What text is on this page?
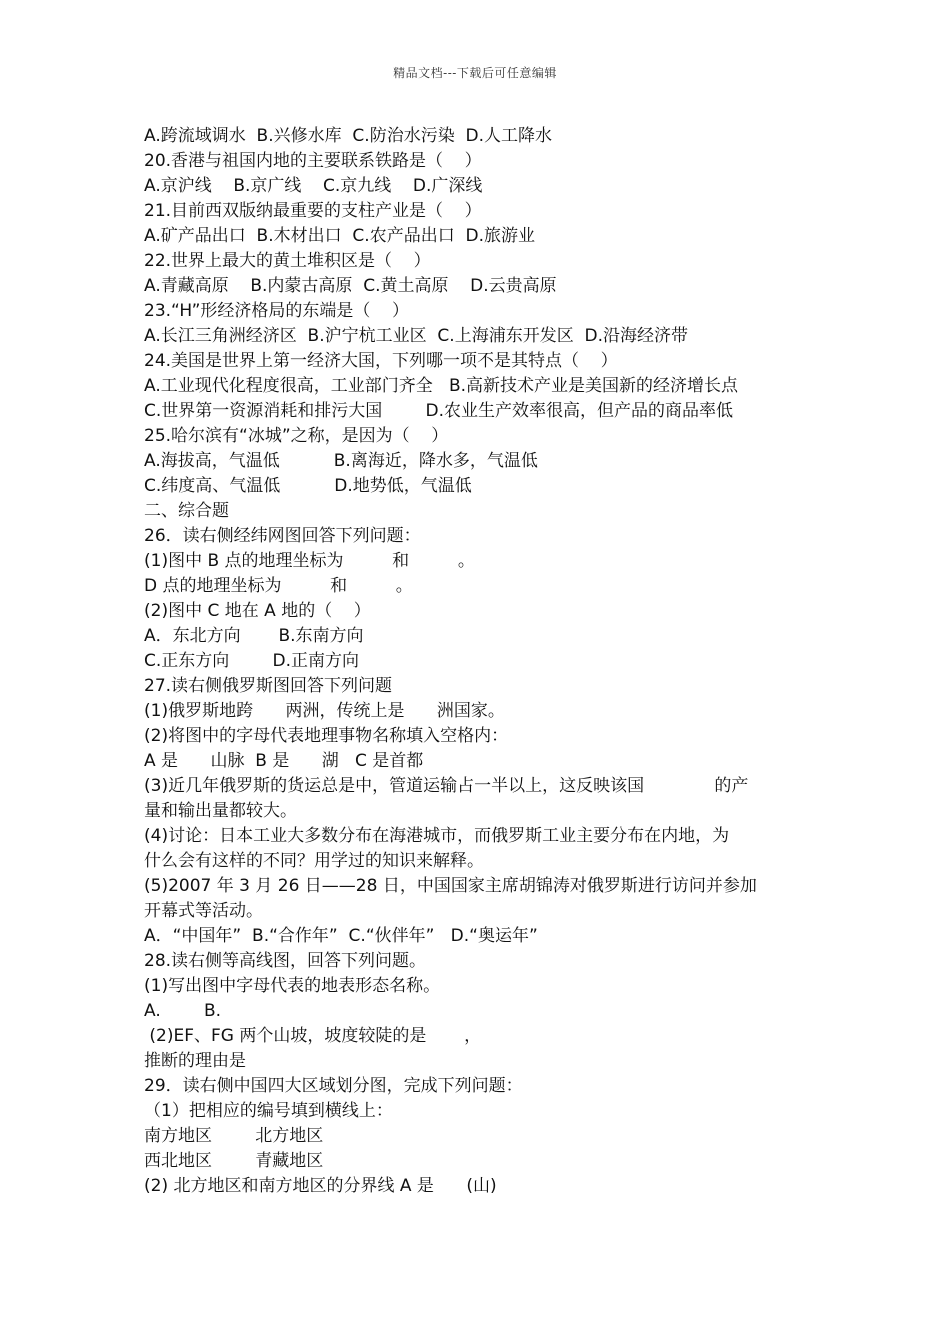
精品文档---下载后可任意编辑
A.跨流域调水  B.兴修水库  C.防治水污染  D.人工降水
20.香港与祖国内地的主要联系铁路是（    ）
A.京沪线    B.京广线    C.京九线    D.广深线
21.目前西双版纳最重要的支柱产业是（    ）
A.矿产品出口  B.木材出口  C.农产品出口  D.旅游业
22.世界上最大的黄土堆积区是（    ）
A.青藏高原    B.内蒙古高原  C.黄土高原    D.云贵高原
23.“H”形经济格局的东端是（    ）
A.长江三角洲经济区  B.沪宁杭工业区  C.上海浦东开发区  D.沿海经济带
24.美国是世界上第一经济大国，下列哪一项不是其特点（    ）
A.工业现代化程度很高，工业部门齐全   B.高新技术产业是美国新的经济增长点
C.世界第一资源消耗和排污大国        D.农业生产效率很高，但产品的商品率低
25.哈尔滨有“冰城”之称，是因为（    ）
A.海拔高，气温低          B.离海近，降水多，气温低
C.纬度高、气温低          D.地势低，气温低
二、综合题
26．读右侧经纬网图回答下列问题：
(1)图中 B 点的地理坐标为         和         。
D 点的地理坐标为         和         。
(2)图中 C 地在 A 地的（    ）
A．东北方向       B.东南方向
C.正东方向        D.正南方向
27.读右侧俄罗斯图回答下列问题
(1)俄罗斯地跨      两洲，传统上是      洲国家。
(2)将图中的字母代表地理事物名称填入空格内：
A 是      山脉  B 是      湖   C 是首都
(3)近几年俄罗斯的货运总是中，管道运输占一半以上，这反映该国             的产
量和输出量都较大。
(4)讨论：日本工业大多数分布在海港城市，而俄罗斯工业主要分布在内地，为
什么会有这样的不同？用学过的知识来解释。
(5)2007 年 3 月 26 日——28 日，中国国家主席胡锦涛对俄罗斯进行访问并参加
开幕式等活动。
A．“中国年”  B.“合作年”  C.“伙伴年”   D.“奥运年”
28.读右侧等高线图，回答下列问题。
(1)写出图中字母代表的地表形态名称。
A.        B.
(2)EF、FG 两个山坡，坡度较陡的是       ，
推断的理由是
29．读右侧中国四大区域划分图，完成下列问题：
（1）把相应的编号填到横线上：
南方地区        北方地区
西北地区        青藏地区
(2) 北方地区和南方地区的分界线 A 是      (山)
